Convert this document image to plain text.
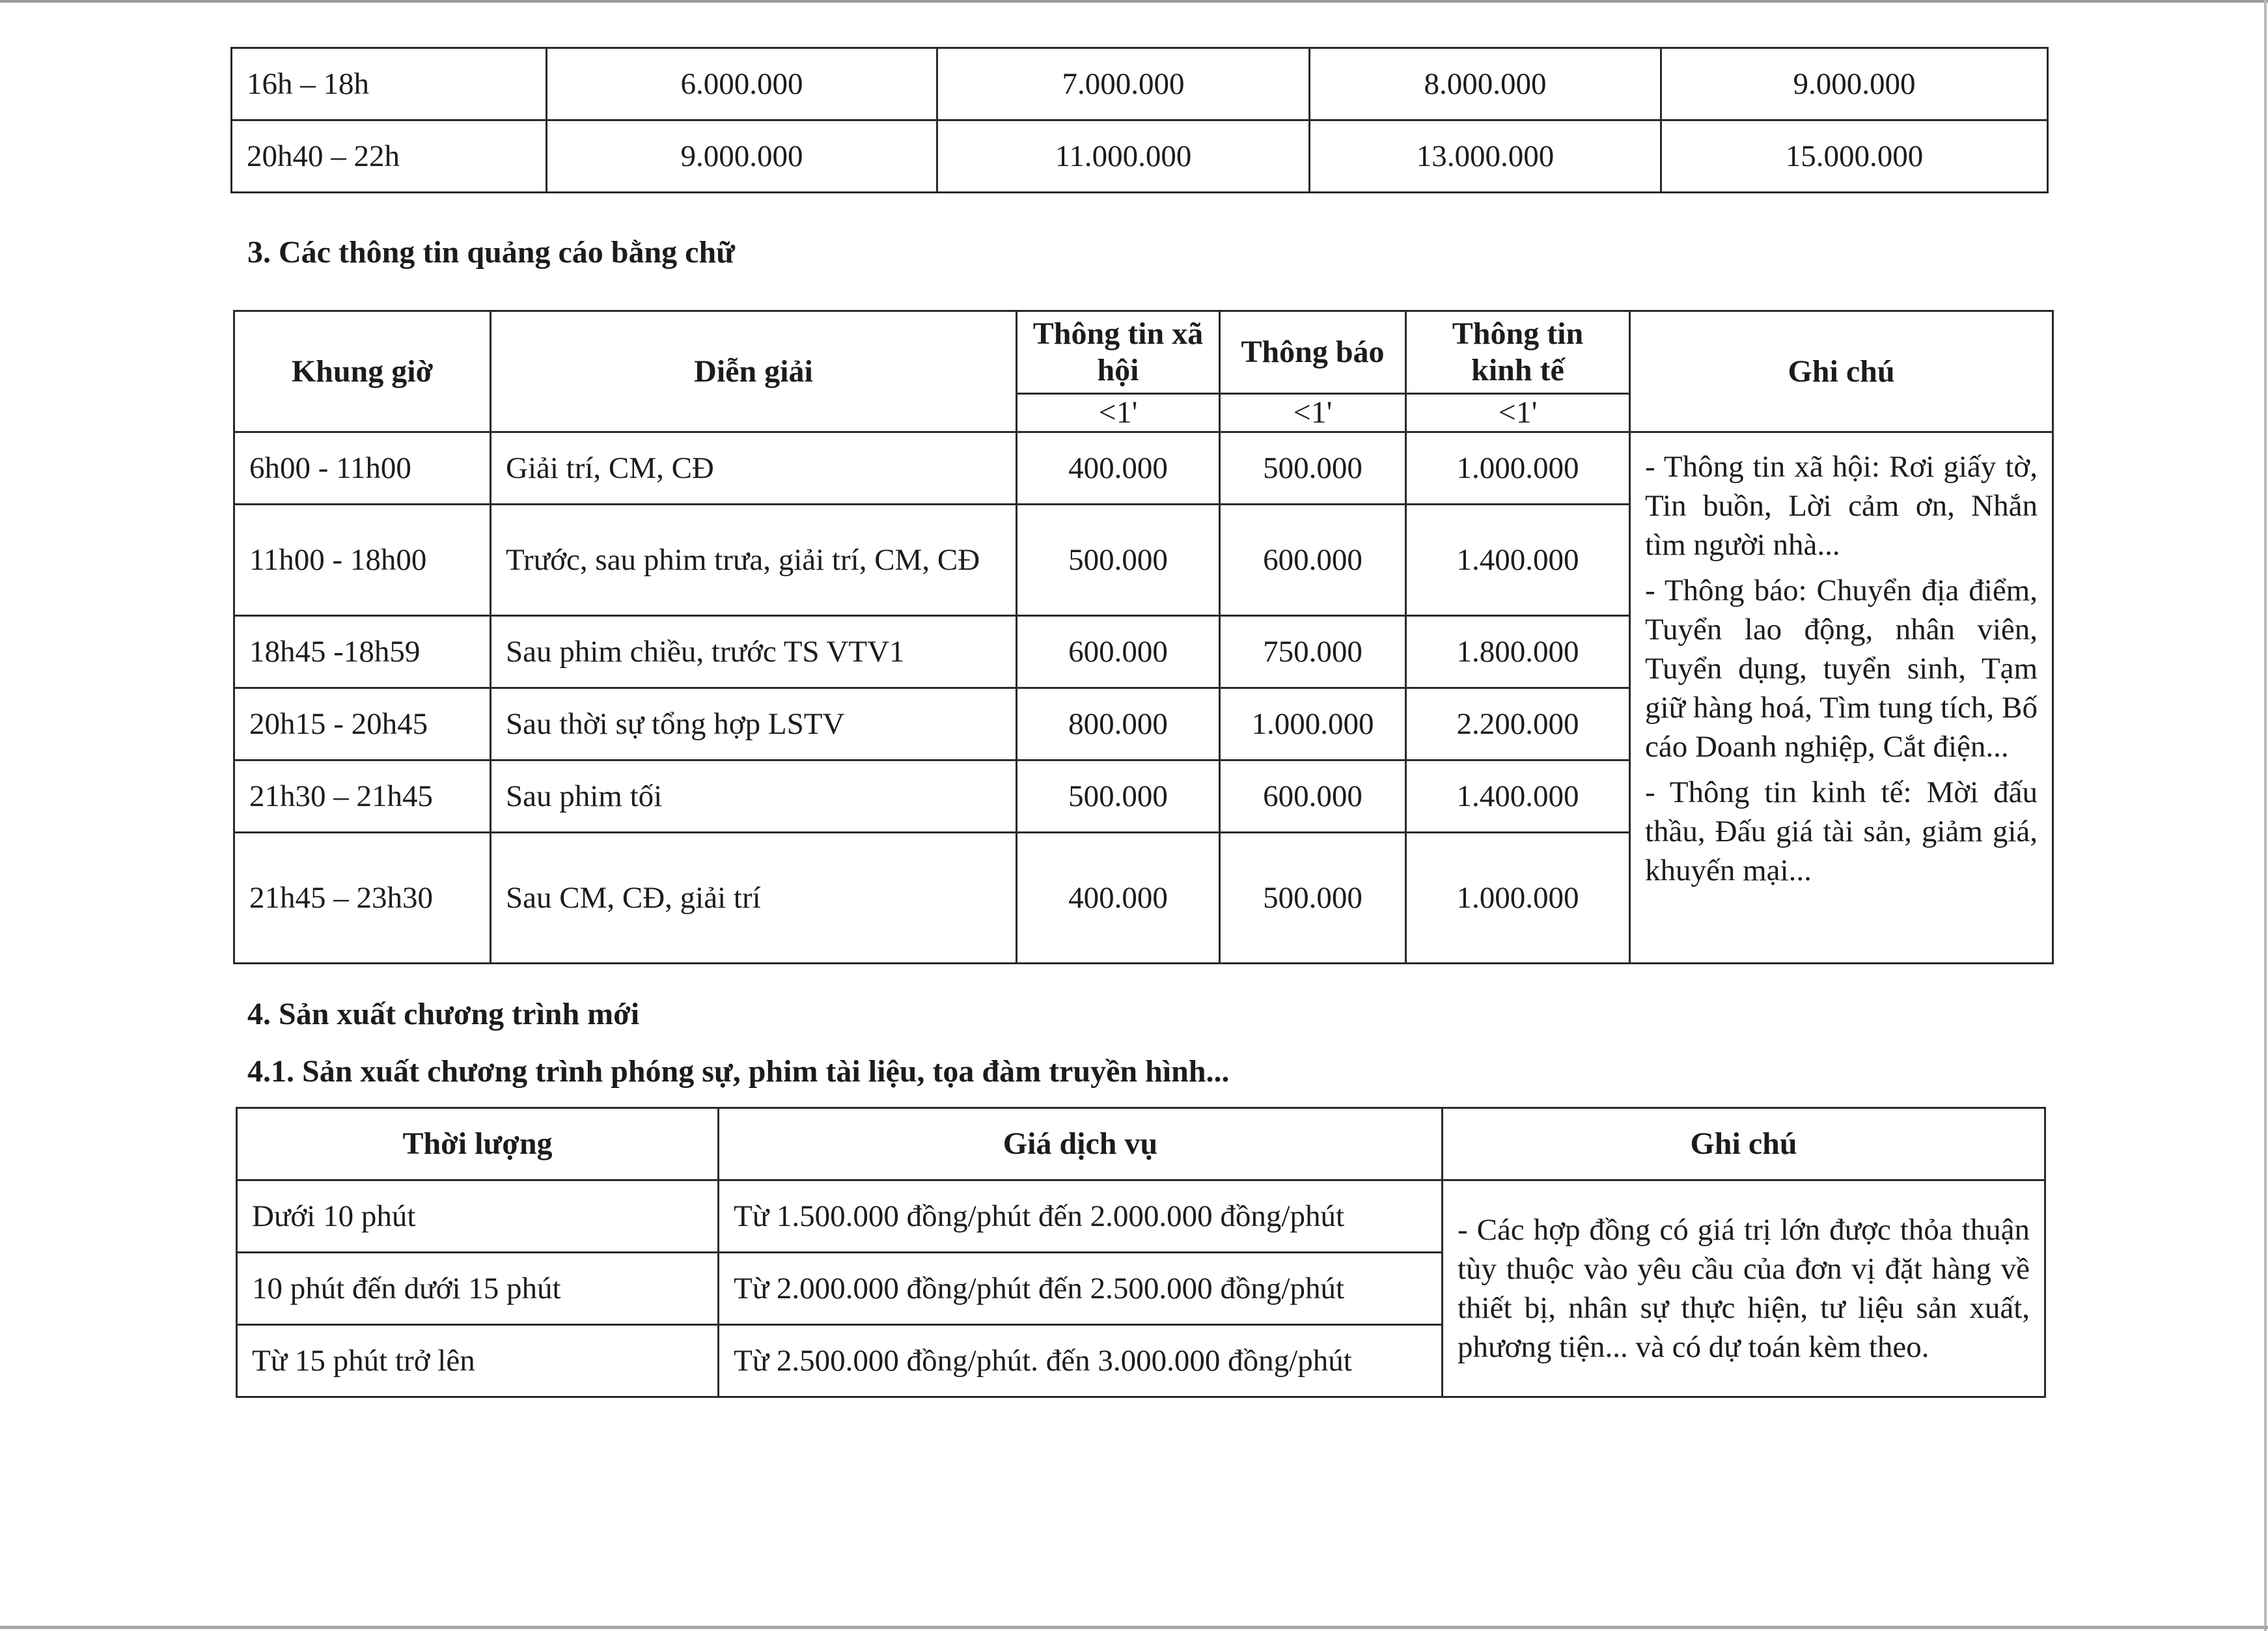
16h – 18h	6.000.000	7.000.000	8.000.000	9.000.000
20h40 – 22h	9.000.000	11.000.000	13.000.000	15.000.000
3. Các thông tin quảng cáo bằng chữ
Khung giờ	Diễn giải	Thông tin xã hội	Thông báo	Thông tin kinh tế	Ghi chú
		<1'	<1'	<1'	
6h00 - 11h00	Giải trí, CM, CĐ	400.000	500.000	1.000.000	- Thông tin xã hội: Rơi giấy tờ, Tin buồn, Lời cảm ơn, Nhắn tìm người nhà...

- Thông báo: Chuyển địa điểm, Tuyển lao động, nhân viên, Tuyển dụng, tuyển sinh, Tạm giữ hàng hoá, Tìm tung tích, Bố cáo Doanh nghiệp, Cắt điện...

- Thông tin kinh tế: Mời đấu thầu, Đấu giá tài sản, giảm giá, khuyến mại...

11h00 - 18h00	Trước, sau phim trưa, giải trí, CM, CĐ	500.000	600.000	1.400.000	
18h45 -18h59	Sau phim chiều, trước TS VTV1	600.000	750.000	1.800.000	
20h15 - 20h45	Sau thời sự tổng hợp LSTV	800.000	1.000.000	2.200.000	
21h30 – 21h45	Sau phim tối	500.000	600.000	1.400.000	
21h45 – 23h30	Sau CM, CĐ, giải trí	400.000	500.000	1.000.000	
4. Sản xuất chương trình mới
4.1. Sản xuất chương trình phóng sự, phim tài liệu, tọa đàm truyền hình...
Thời lượng	Giá dịch vụ	Ghi chú
Dưới 10 phút	Từ 1.500.000 đồng/phút đến 2.000.000 đồng/phút	- Các hợp đồng có giá trị lớn được thỏa thuận tùy thuộc vào yêu cầu của đơn vị đặt hàng về thiết bị, nhân sự thực hiện, tư liệu sản xuất, phương tiện... và có dự toán kèm theo.
10 phút đến dưới 15 phút	Từ 2.000.000 đồng/phút đến 2.500.000 đồng/phút	
Từ 15 phút trở lên	Từ 2.500.000 đồng/phút. đến 3.000.000 đồng/phút	
